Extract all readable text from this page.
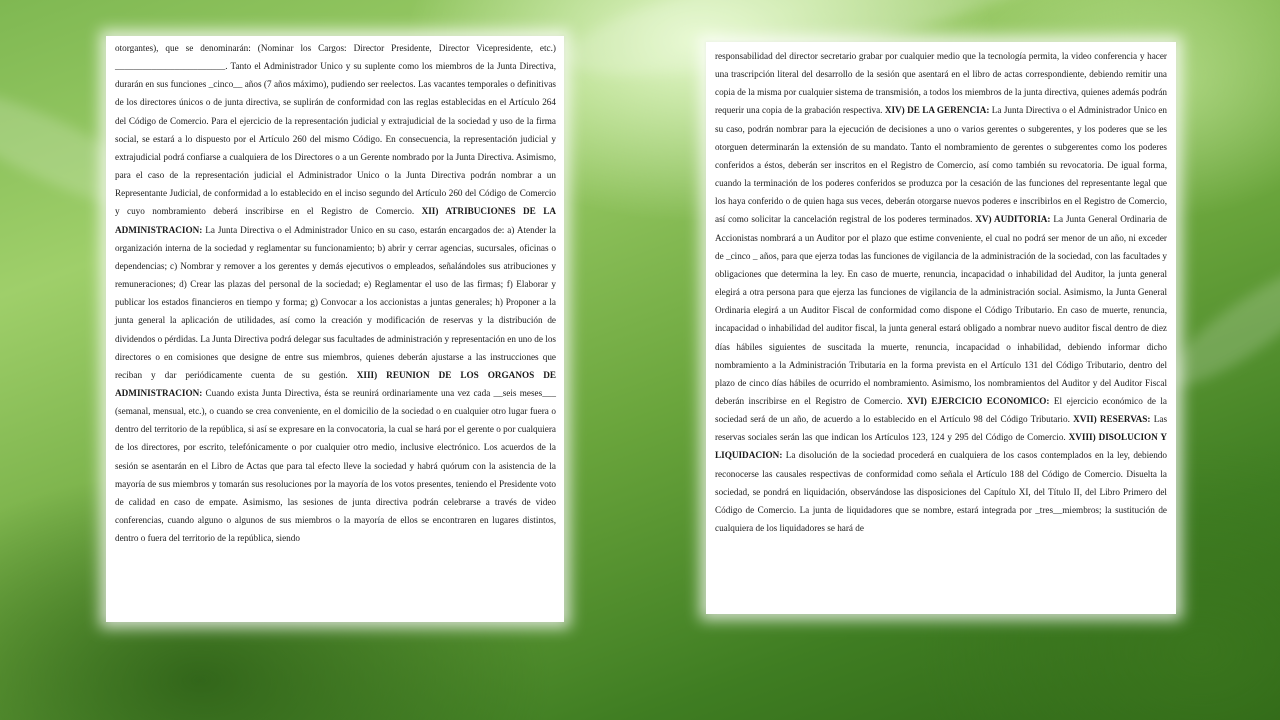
otorgantes), que se denominarán: (Nominar los Cargos: Director Presidente, Director Vicepresidente, etc.) ________________________. Tanto el Administrador Unico y su suplente como los miembros de la Junta Directiva, durarán en sus funciones _cinco__ años (7 años máximo), pudiendo ser reelectos. Las vacantes temporales o definitivas de los directores únicos o de junta directiva, se suplirán de conformidad con las reglas establecidas en el Artículo 264 del Código de Comercio. Para el ejercicio de la representación judicial y extrajudicial de la sociedad y uso de la firma social, se estará a lo dispuesto por el Artículo 260 del mismo Código. En consecuencia, la representación judicial y extrajudicial podrá confiarse a cualquiera de los Directores o a un Gerente nombrado por la Junta Directiva. Asimismo, para el caso de la representación judicial el Administrador Unico o la Junta Directiva podrán nombrar a un Representante Judicial, de conformidad a lo establecido en el inciso segundo del Artículo 260 del Código de Comercio y cuyo nombramiento deberá inscribirse en el Registro de Comercio. XII) ATRIBUCIONES DE LA ADMINISTRACION: La Junta Directiva o el Administrador Unico en su caso, estarán encargados de: a) Atender la organización interna de la sociedad y reglamentar su funcionamiento; b) abrir y cerrar agencias, sucursales, oficinas o dependencias; c) Nombrar y remover a los gerentes y demás ejecutivos o empleados, señalándoles sus atribuciones y remuneraciones; d) Crear las plazas del personal de la sociedad; e) Reglamentar el uso de las firmas; f) Elaborar y publicar los estados financieros en tiempo y forma; g) Convocar a los accionistas a juntas generales; h) Proponer a la junta general la aplicación de utilidades, así como la creación y modificación de reservas y la distribución de dividendos o pérdidas. La Junta Directiva podrá delegar sus facultades de administración y representación en uno de los directores o en comisiones que designe de entre sus miembros, quienes deberán ajustarse a las instrucciones que reciban y dar periódicamente cuenta de su gestión. XIII) REUNION DE LOS ORGANOS DE ADMINISTRACION: Cuando exista Junta Directiva, ésta se reunirá ordinariamente una vez cada __seis meses___ (semanal, mensual, etc.), o cuando se crea conveniente, en el domicilio de la sociedad o en cualquier otro lugar fuera o dentro del territorio de la república, si así se expresare en la convocatoria, la cual se hará por el gerente o por cualquiera de los directores, por escrito, telefónicamente o por cualquier otro medio, inclusive electrónico. Los acuerdos de la sesión se asentarán en el Libro de Actas que para tal efecto lleve la sociedad y habrá quórum con la asistencia de la mayoría de sus miembros y tomarán sus resoluciones por la mayoría de los votos presentes, teniendo el Presidente voto de calidad en caso de empate. Asimismo, las sesiones de junta directiva podrán celebrarse a través de video conferencias, cuando alguno o algunos de sus miembros o la mayoría de ellos se encontraren en lugares distintos, dentro o fuera del territorio de la república, siendo

responsabilidad del director secretario grabar por cualquier medio que la tecnología permita, la video conferencia y hacer una trascripción literal del desarrollo de la sesión que asentará en el libro de actas correspondiente, debiendo remitir una copia de la misma por cualquier sistema de transmisión, a todos los miembros de la junta directiva, quienes además podrán requerir una copia de la grabación respectiva. XIV) DE LA GERENCIA: La Junta Directiva o el Administrador Unico en su caso, podrán nombrar para la ejecución de decisiones a uno o varios gerentes o subgerentes, y los poderes que se les otorguen determinarán la extensión de su mandato. Tanto el nombramiento de gerentes o subgerentes como los poderes conferidos a éstos, deberán ser inscritos en el Registro de Comercio, así como también su revocatoria. De igual forma, cuando la terminación de los poderes conferidos se produzca por la cesación de las funciones del representante legal que los haya conferido o de quien haga sus veces, deberán otorgarse nuevos poderes e inscribirlos en el Registro de Comercio, así como solicitar la cancelación registral de los poderes terminados. XV) AUDITORIA: La Junta General Ordinaria de Accionistas nombrará a un Auditor por el plazo que estime conveniente, el cual no podrá ser menor de un año, ni exceder de _cinco _ años, para que ejerza todas las funciones de vigilancia de la administración de la sociedad, con las facultades y obligaciones que determina la ley. En caso de muerte, renuncia, incapacidad o inhabilidad del Auditor, la junta general elegirá a otra persona para que ejerza las funciones de vigilancia de la administración social. Asimismo, la Junta General Ordinaria elegirá a un Auditor Fiscal de conformidad como dispone el Código Tributario. En caso de muerte, renuncia, incapacidad o inhabilidad del auditor fiscal, la junta general estará obligado a nombrar nuevo auditor fiscal dentro de diez días hábiles siguientes de suscitada la muerte, renuncia, incapacidad o inhabilidad, debiendo informar dicho nombramiento a la Administración Tributaria en la forma prevista en el Artículo 131 del Código Tributario, dentro del plazo de cinco días hábiles de ocurrido el nombramiento. Asimismo, los nombramientos del Auditor y del Auditor Fiscal deberán inscribirse en el Registro de Comercio. XVI) EJERCICIO ECONOMICO: El ejercicio económico de la sociedad será de un año, de acuerdo a lo establecido en el Artículo 98 del Código Tributario. XVII) RESERVAS: Las reservas sociales serán las que indican los Artículos 123, 124 y 295 del Código de Comercio. XVIII) DISOLUCION Y LIQUIDACION: La disolución de la sociedad procederá en cualquiera de los casos contemplados en la ley, debiendo reconocerse las causales respectivas de conformidad como señala el Artículo 188 del Código de Comercio. Disuelta la sociedad, se pondrá en liquidación, observándose las disposiciones del Capítulo XI, del Título II, del Libro Primero del Código de Comercio. La junta de liquidadores que se nombre, estará integrada por _tres__miembros; la sustitución de cualquiera de los liquidadores se hará de
